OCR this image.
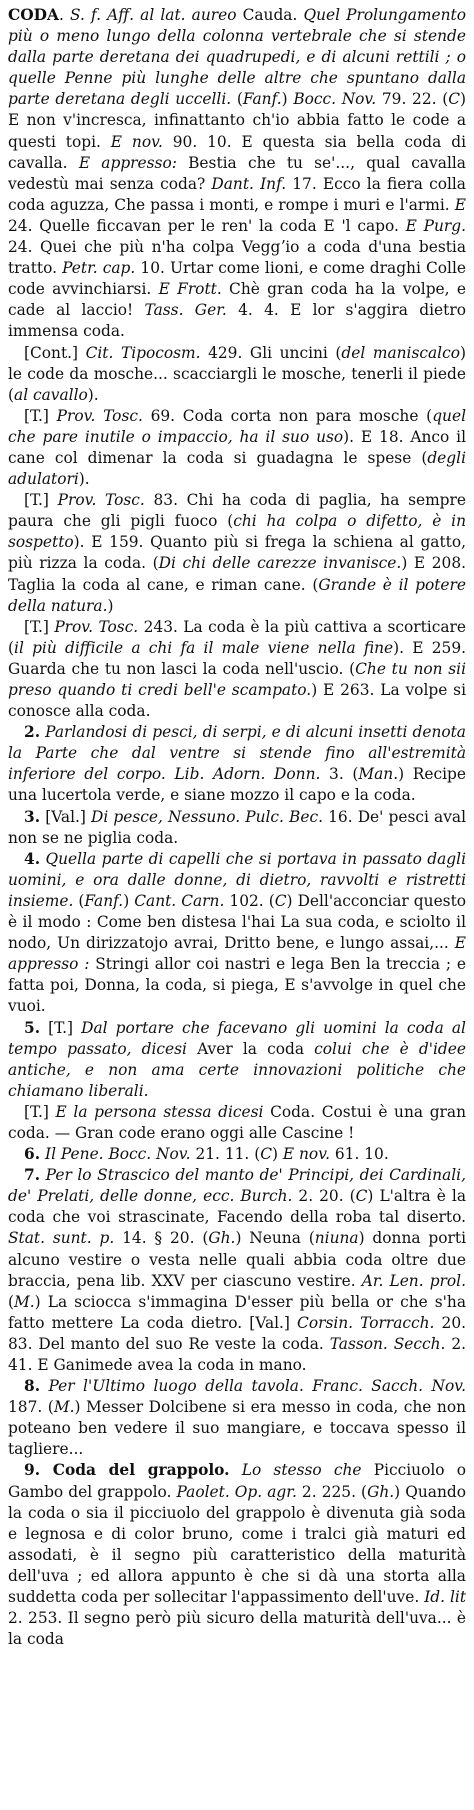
CODA. S. f. Aff. al lat. aureo Cauda. Quel Prolungamento più o meno lungo della colonna vertebrale che si stende dalla parte deretana dei quadrupedi, e di alcuni rettili ; o quelle Penne più lunghe delle altre che spuntano dalla parte deretana degli uccelli. (Fanf.) Bocc. Nov. 79. 22. (C) E non v'incresca, infinattanto ch'io abbia fatto le code a questi topi. E nov. 90. 10. E questa sia bella coda di cavalla. E appresso: Bestia che tu se'..., qual cavalla vedestù mai senza coda? Dant. Inf. 17. Ecco la fiera colla coda aguzza, Che passa i monti, e rompe i muri e l'armi. E 24. Quelle ficcavan per le ren' la coda E 'l capo. E Purg. 24. Quei che più n'ha colpa Veggʼio a coda d'una bestia tratto. Petr. cap. 10. Urtar come lioni, e come draghi Colle code avvinchiarsi. E Frott. Chè gran coda ha la volpe, e cade al laccio! Tass. Ger. 4. 4. E lor s'aggira dietro immensa coda.

[Cont.] Cit. Tipocosm. 429. Gli uncini (del maniscalco) le code da mosche... scacciargli le mosche, tenerli il piede (al cavallo).

[T.] Prov. Tosc. 69. Coda corta non para mosche (quel che pare inutile o impaccio, ha il suo uso). E 18. Anco il cane col dimenar la coda si guadagna le spese (degli adulatori).

[T.] Prov. Tosc. 83. Chi ha coda di paglia, ha sempre paura che gli pigli fuoco (chi ha colpa o difetto, è in sospetto). E 159. Quanto più si frega la schiena al gatto, più rizza la coda. (Di chi delle carezze invanisce.) E 208. Taglia la coda al cane, e riman cane. (Grande è il potere della natura.)

[T.] Prov. Tosc. 243. La coda è la più cattiva a scorticare (il più difficile a chi fa il male viene nella fine). E 259. Guarda che tu non lasci la coda nell'uscio. (Che tu non sii preso quando ti credi bell'e scampato.) E 263. La volpe si conosce alla coda.

2. Parlandosi di pesci, di serpi, e di alcuni insetti denota la Parte che dal ventre si stende fino all'estremità inferiore del corpo. Lib. Adorn. Donn. 3. (Man.) Recipe una lucertola verde, e siane mozzo il capo e la coda.

3. [Val.] Di pesce, Nessuno. Pulc. Bec. 16. De' pesci aval non se ne piglia coda.

4. Quella parte di capelli che si portava in passato dagli uomini, e ora dalle donne, di dietro, ravvolti e ristretti insieme. (Fanf.) Cant. Carn. 102. (C) Dell'acconciar questo è il modo : Come ben distesa l'hai La sua coda, e sciolto il nodo, Un dirizzatojo avrai, Dritto bene, e lungo assai,... E appresso : Stringi allor coi nastri e lega Ben la treccia ; e fatta poi, Donna, la coda, si piega, E s'avvolge in quel che vuoi.

5. [T.] Dal portare che facevano gli uomini la coda al tempo passato, dicesi Aver la coda colui che è d'idee antiche, e non ama certe innovazioni politiche che chiamano liberali.

[T.] E la persona stessa dicesi Coda. Costui è una gran coda. — Gran code erano oggi alle Cascine !

6. Il Pene. Bocc. Nov. 21. 11. (C) E nov. 61. 10.

7. Per lo Strascico del manto de' Principi, dei Cardinali, de' Prelati, delle donne, ecc. Burch. 2. 20. (C) L'altra è la coda che voi strascinate, Facendo della roba tal diserto. Stat. sunt. p. 14. § 20. (Gh.) Neuna (niuna) donna porti alcuno vestire o vesta nelle quali abbia coda oltre due braccia, pena lib. XXV per ciascuno vestire. Ar. Len. prol. (M.) La sciocca s'immagina D'esser più bella or che s'ha fatto mettere La coda dietro. [Val.] Corsin. Torracch. 20. 83. Del manto del suo Re veste la coda. Tasson. Secch. 2. 41. E Ganimede avea la coda in mano.

8. Per l'Ultimo luogo della tavola. Franc. Sacch. Nov. 187. (M.) Messer Dolcibene si era messo in coda, che non poteano ben vedere il suo mangiare, e toccava spesso il tagliere...

9. Coda del grappolo. Lo stesso che Picciuolo o Gambo del grappolo. Paolet. Op. agr. 2. 225. (Gh.) Quando la coda o sia il picciuolo del grappolo è divenuta già soda e legnosa e di color bruno, come i tralci già maturi ed assodati, è il segno più caratteristico della maturità dell'uva ; ed allora appunto è che si dà una storta alla suddetta coda per sollecitar l'appassimento dell'uve. Id. lit 2. 253. Il segno però più sicuro della maturità dell'uva... è la coda
